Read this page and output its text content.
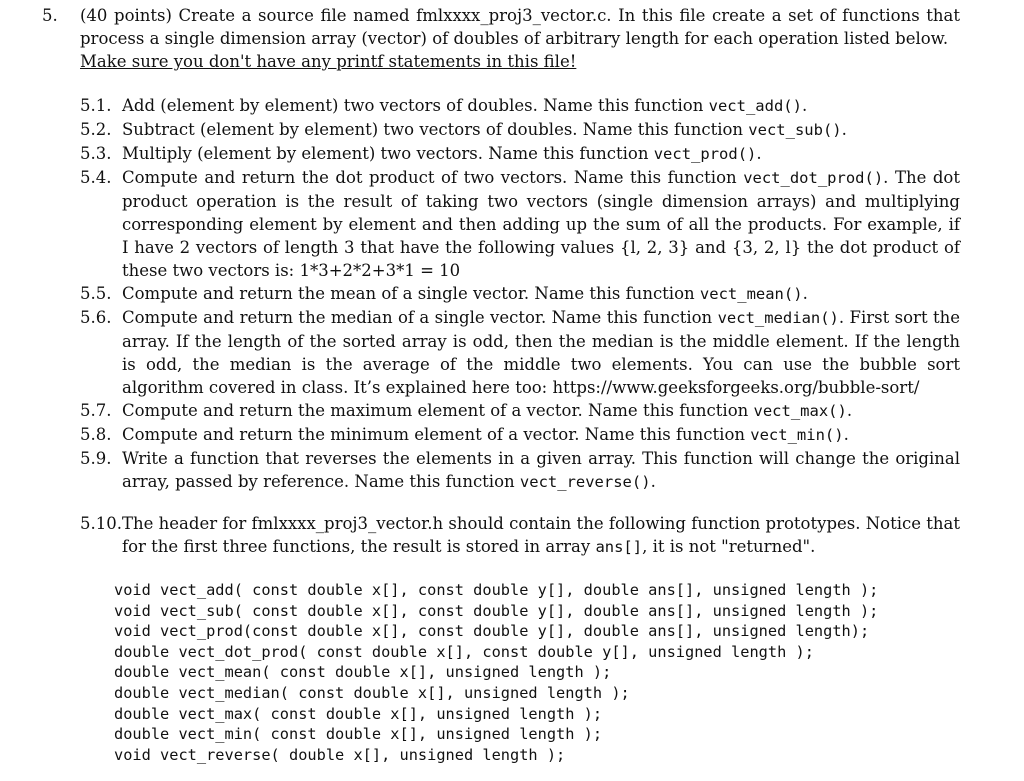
5. (40 points) Create a source file named fmlxxxx_proj3_vector.c. In this file create a set of functions that process a single dimension array (vector) of doubles of arbitrary length for each operation listed below.
Make sure you don't have any printf statements in this file!
5.1. Add (element by element) two vectors of doubles. Name this function vect_add().
5.2. Subtract (element by element) two vectors of doubles. Name this function vect_sub().
5.3. Multiply (element by element) two vectors. Name this function vect_prod().
5.4. Compute and return the dot product of two vectors. Name this function vect_dot_prod(). The dot product operation is the result of taking two vectors (single dimension arrays) and multiplying corresponding element by element and then adding up the sum of all the products. For example, if I have 2 vectors of length 3 that have the following values {l, 2, 3} and {3, 2, l} the dot product of these two vectors is: 1*3+2*2+3*1 = 10
5.5. Compute and return the mean of a single vector. Name this function vect_mean().
5.6. Compute and return the median of a single vector. Name this function vect_median(). First sort the array. If the length of the sorted array is odd, then the median is the middle element. If the length is odd, the median is the average of the middle two elements. You can use the bubble sort algorithm covered in class. It’s explained here too: https://www.geeksforgeeks.org/bubble-sort/
5.7. Compute and return the maximum element of a vector. Name this function vect_max().
5.8. Compute and return the minimum element of a vector. Name this function vect_min().
5.9. Write a function that reverses the elements in a given array. This function will change the original array, passed by reference. Name this function vect_reverse().
5.10. The header for fmlxxxx_proj3_vector.h should contain the following function prototypes. Notice that for the first three functions, the result is stored in array ans[], it is not "returned".
void vect_add( const double x[], const double y[], double ans[], unsigned length );
void vect_sub( const double x[], const double y[], double ans[], unsigned length );
void vect_prod(const double x[], const double y[], double ans[], unsigned length);
double vect_dot_prod( const double x[], const double y[], unsigned length );
double vect_mean( const double x[], unsigned length );
double vect_median( const double x[], unsigned length );
double vect_max( const double x[], unsigned length );
double vect_min( const double x[], unsigned length );
void vect_reverse( double x[], unsigned length );
